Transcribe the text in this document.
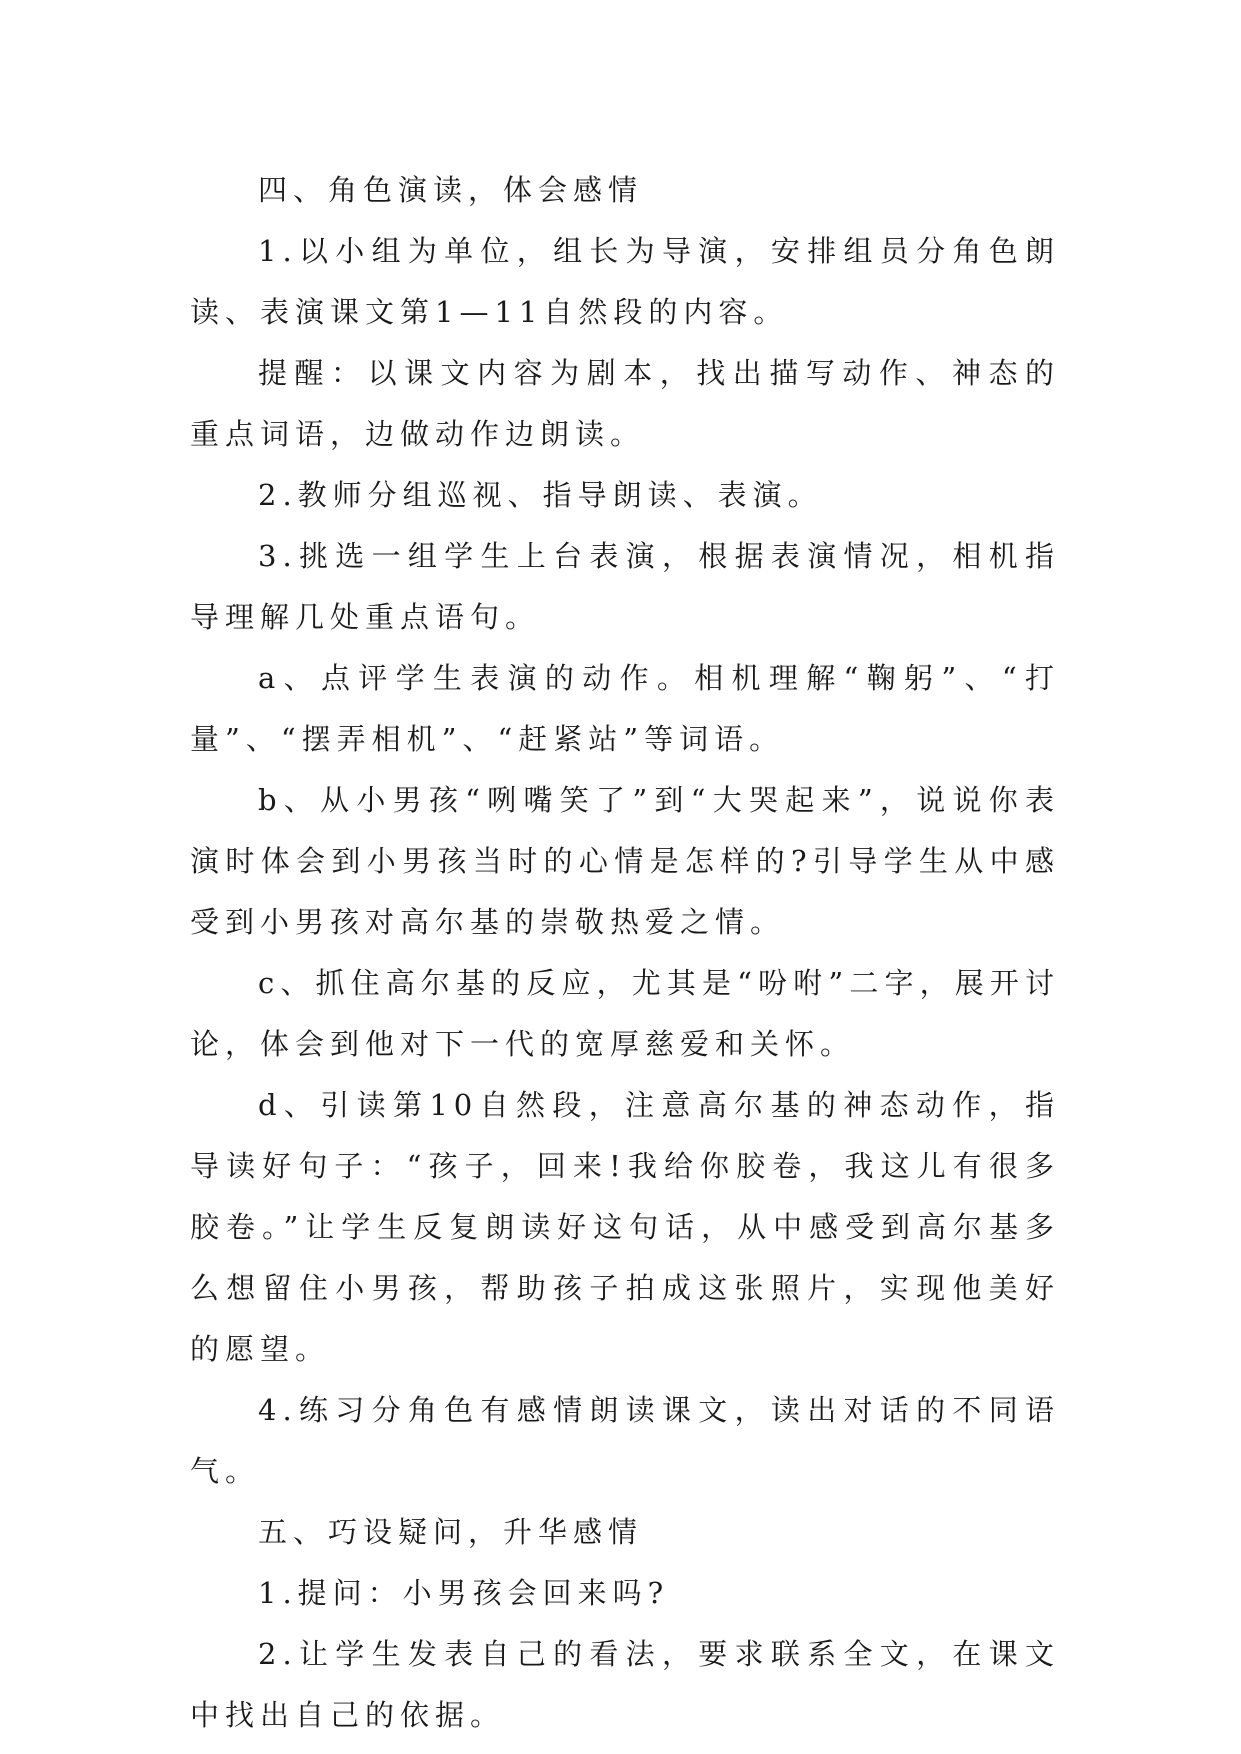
四、角色演读，体会感情

1.以小组为单位，组长为导演，安排组员分角色朗读、表演课文第1—11自然段的内容。

提醒：以课文内容为剧本，找出描写动作、神态的重点词语，边做动作边朗读。

2.教师分组巡视、指导朗读、表演。

3.挑选一组学生上台表演，根据表演情况，相机指导理解几处重点语句。

a、点评学生表演的动作。相机理解“鞠躬”、“打量”、“摆弄相机”、“赶紧站”等词语。

b、从小男孩“咧嘴笑了”到“大哭起来”，说说你表演时体会到小男孩当时的心情是怎样的?引导学生从中感受到小男孩对高尔基的崇敬热爱之情。

c、抓住高尔基的反应，尤其是“吩咐”二字，展开讨论，体会到他对下一代的宽厚慈爱和关怀。

d、引读第10自然段，注意高尔基的神态动作，指导读好句子：“孩子，回来!我给你胶卷，我这儿有很多胶卷。”让学生反复朗读好这句话，从中感受到高尔基多么想留住小男孩，帮助孩子拍成这张照片，实现他美好的愿望。

4.练习分角色有感情朗读课文，读出对话的不同语气。

五、巧设疑问，升华感情

1.提问：小男孩会回来吗?

2.让学生发表自己的看法，要求联系全文，在课文中找出自己的依据。
